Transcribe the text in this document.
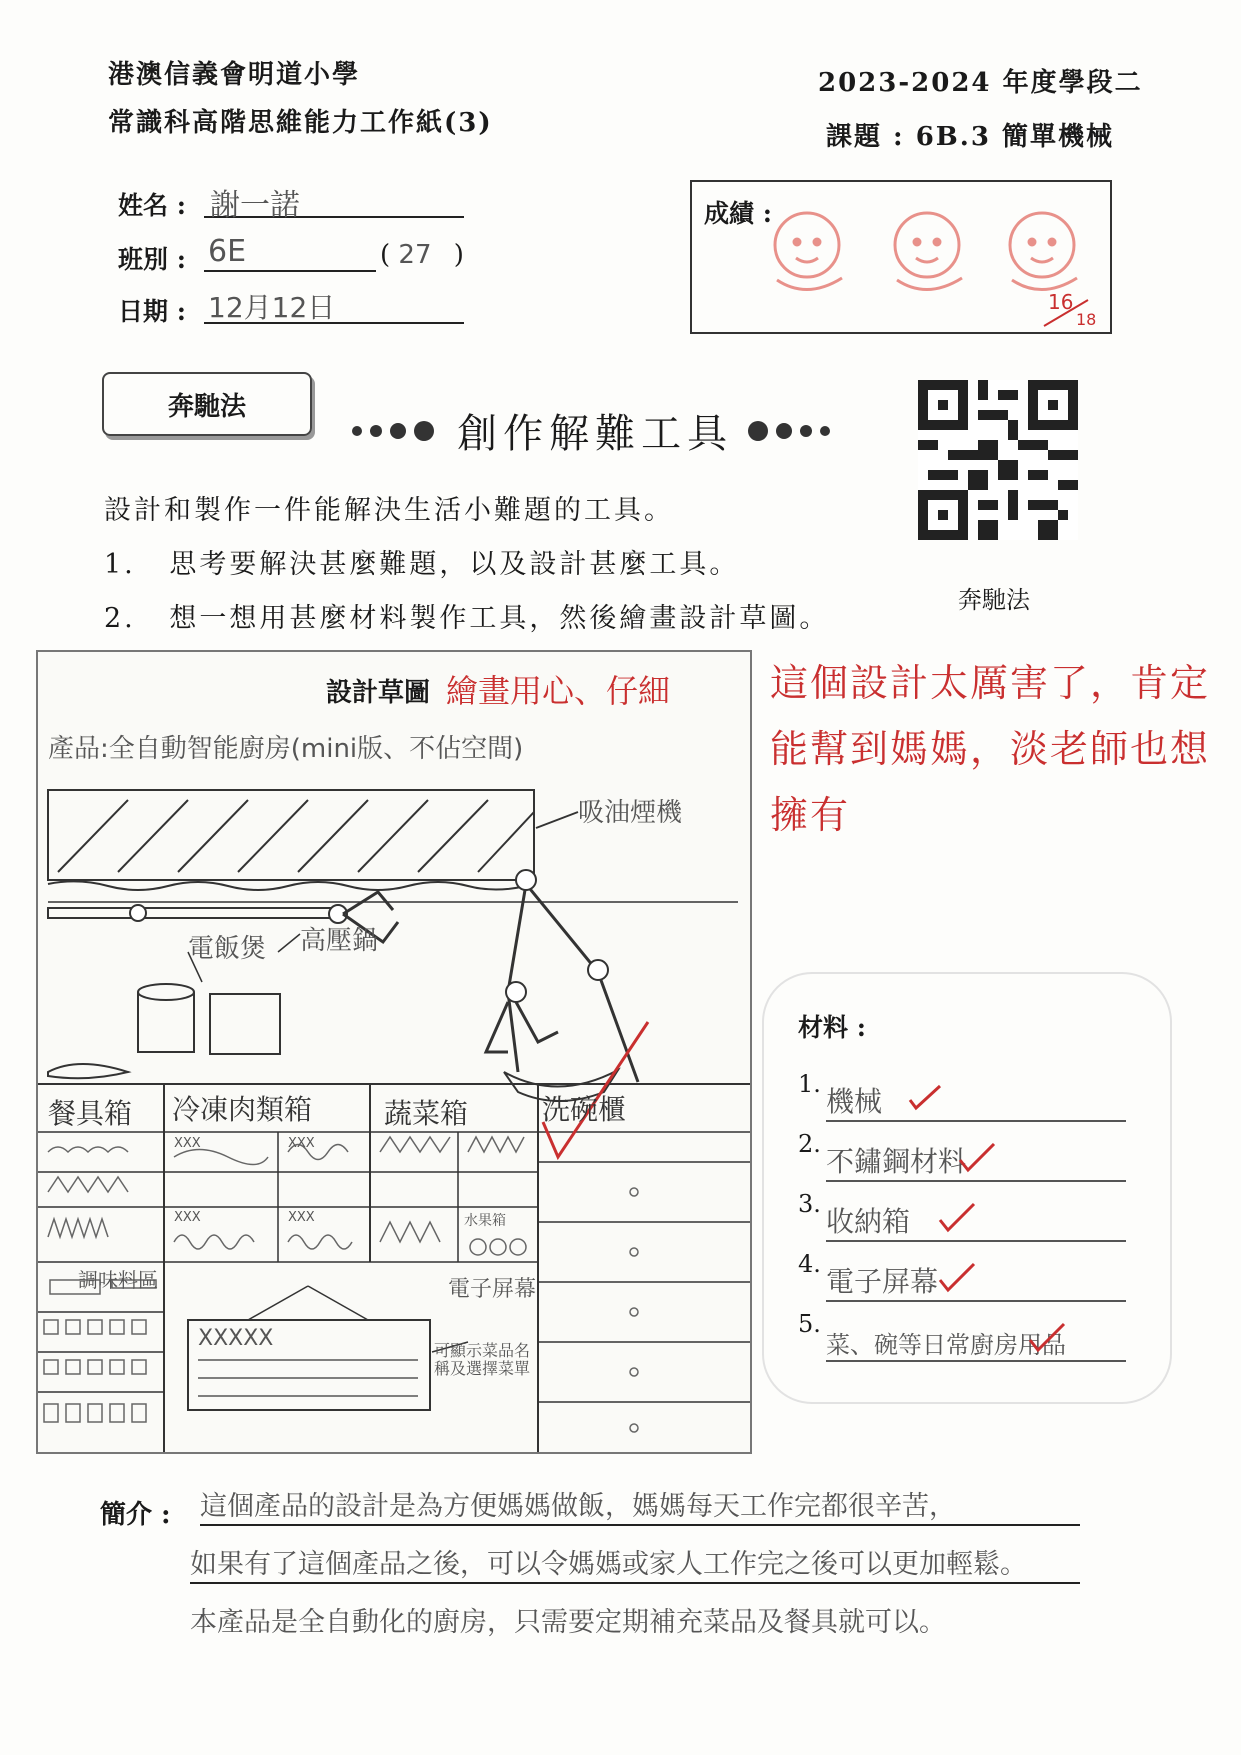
港澳信義會明道小學
常識科高階思維能力工作紙(3)
2023-2024 年度學段二
課題 : 6B.3 簡單機械
姓名 : 謝一諾
班別 : 6E	( 27 )
日期 : 12月12日
成績 :
16
18
奔馳法
創作解難工具
奔馳法
設計和製作一件能解決生活小難題的工具。
1. 思考要解決甚麼難題，以及設計甚麼工具。
2. 想一想用甚麼材料製作工具，然後繪畫設計草圖。
設計草圖 繪畫用心、仔細
產品:全自動智能廚房(mini版、不佔空間)
吸油煙機
電飯煲 高壓鍋
餐具箱 冷凍肉類箱	蔬菜箱	洗碗櫃
XXX	XXX
XXX	XXX	水果箱
調味料區	電子屏幕
XXXXX	可顯示菜品名稱及選擇菜單
這個設計太厲害了，肯定能幫到媽媽，淡老師也想擁有
材料 :
1.
機械
2.
不鏽鋼材料
3.
收納箱
4.
電子屏幕
5.
菜、碗等日常廚房用品
簡介 : 這個產品的設計是為方便媽媽做飯，媽媽每天工作完都很辛苦，
如果有了這個產品之後，可以令媽媽或家人工作完之後可以更加輕鬆。
本產品是全自動化的廚房，只需要定期補充菜品及餐具就可以。
